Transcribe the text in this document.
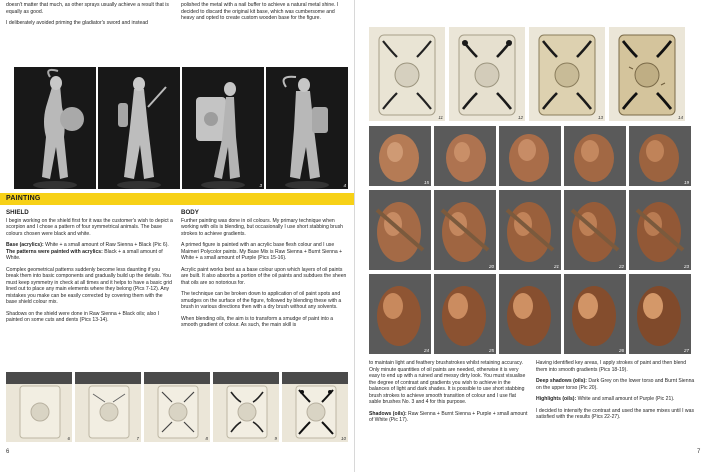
doesn't matter that much, as other sprays usually achieve a result that is equally as good.

I deliberately avoided priming the gladiator's sword and instead

polished the metal with a nail buffer to achieve a natural metal shine. I decided to discard the original kit base, which was cumbersome and heavy and opted to create custom wooden base for the figure.

3	4
PAINTING
SHIELD

I begin working on the shield first for it was the customer's wish to depict a scorpion and I chose a pattern of four symmetrical animals. The base colours chosen were black and white.

Base (acrylics): White + a small amount of Raw Sienna + Black (Pic 6).
The patterns were painted with acrylics: Black + a small amount of White.

Complex geometrical patterns suddenly become less daunting if you break them into basic components and gradually build up the details. You must keep symmetry in check at all times and it helps to have a basic grid lined out to place any main elements where they belong (Pics 7-12). Any mistakes you make can be easily corrected by covering them with the base shield colour mix.

Shadows on the shield were done in Raw Sienna + Black oils; also I painted on some cuts and dents (Pics 13-14).

BODY

Further painting was done in oil colours. My primary technique when working with oils is blending, but occasionally I use short stabbing brush strokes to achieve gradients.

A primed figure is painted with an acrylic base flesh colour and I use Maimeri Polycolor paints. My Base Mix is Raw Sienna + Burnt Sienna + White + a small amount of Purple (Pics 15-16).

Acrylic paint works best as a base colour upon which layers of oil paints are built. It also absorbs a portion of the oil paints and subdues the sheen that oils are so notorious for.

The technique can be broken down to application of oil paint spots and smudges on the surface of the figure, followed by blending these with a brush in various directions then with a dry brush without any solvents.

When blending oils, the aim is to transform a smudge of paint into a smooth gradient of colour. As such, the main skill is

6	7	8	9	10
6
11	12	13	14
15	19
20	21	22	23
24	25	26	27

to maintain light and feathery brushstrokes whilst retaining accuracy. Only minute quantities of oil paints are needed, otherwise it is very easy to end up with a ruined and messy dirty look. You must visualise the degree of contrast and gradients you wish to achieve in the balances of light and dark shades. It is possible to use short stabbing brush strokes to achieve smooth transition of colour and I use flat sable brushes No. 3 and 4 for this purpose.

Shadows (oils): Raw Sienna + Burnt Sienna + Purple + small amount of White (Pic 17).

Having identified key areas, I apply strokes of paint and then blend them into smooth gradients (Pics 18-19).

Deep shadows (oils): Dark Grey on the lower torso and Burnt Sienna on the upper torso (Pic 20).

Highlights (oils): White and small amount of Purple (Pic 21).

I decided to intensify the contrast and used the same mixes until I was satisfied with the results (Pics 22-27).

7
